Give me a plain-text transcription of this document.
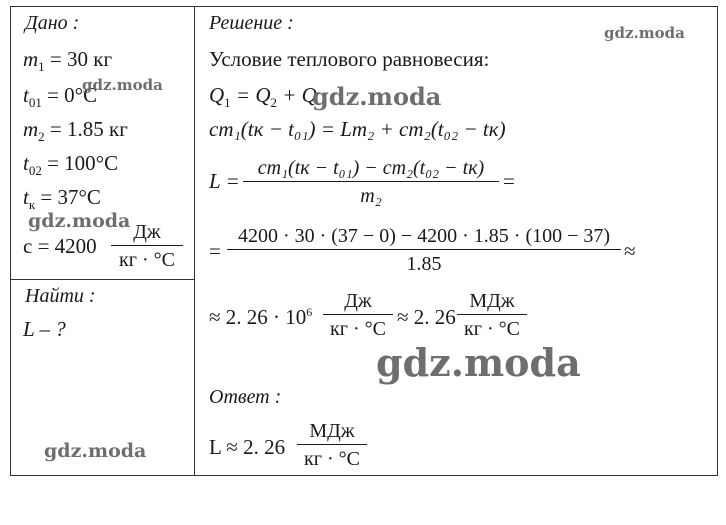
Дано :
$m_1 = 30$ кг
$t_{01} = 0^\circ C$
$m_2 = 1.85$ кг
$t_{02} = 100^\circ C$
$t_к = 37^\circ C$
c = 4200
Дж
кг · °C
Найти :
L – ?
Решение :
Условие теплового равновесия:
$Q_1 = Q_2 + Q$
cm₁(tк − t₀₁) = Lm₂ + cm₂(t₀₂ − tк)
L =
cm₁(tк − t₀₁) − cm₂(t₀₂ − tк)
m₂
=
=
4200 · 30 · (37 − 0) − 4200 · 1.85 · (100 − 37)
1.85
≈
≈ 2. $26 \cdot 10^6$	Дж
кг · °C ≈ 2. 26
МДж
кг · °C
Ответ :
L ≈ 2. 26
МДж
кг · °C
gdz.moda
gdz.moda	gdz.moda
gdz.moda
gdz.moda
gdz.moda
